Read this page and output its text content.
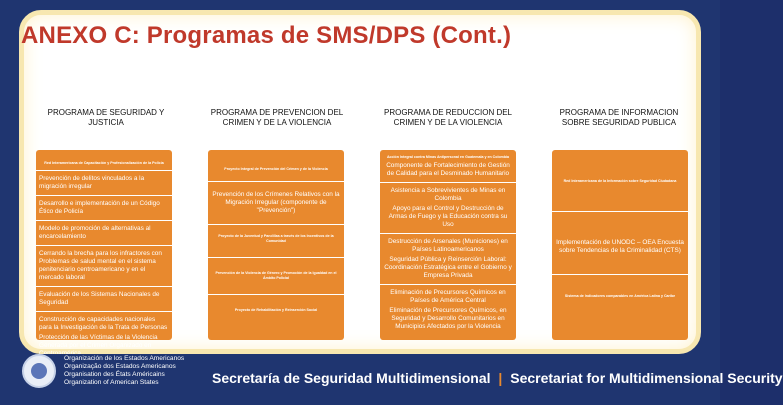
ANEXO C: Programas de SMS/DPS (Cont.)
PROGRAMA DE SEGURIDAD Y JUSTICIA
PROGRAMA DE PREVENCION DEL CRIMEN Y DE LA VIOLENCIA
PROGRAMA DE REDUCCION DEL CRIMEN Y DE LA VIOLENCIA
PROGRAMA DE INFORMACION SOBRE SEGURIDAD PUBLICA
Red Interamericana de Capacitación y Profesionalización de la Policía
Prevención de delitos vinculados a la migración irregular
Desarrollo e implementación de un Código Ético de Policía
Modelo de promoción de alternativas al encarcelamiento
Cerrando la brecha para los infractores con Problemas de salud mental en el sistema penitenciario centroamericano y en el mercado laboral
Evaluación de los Sistemas Nacionales de Seguridad
Construcción de capacidades nacionales para la Investigación de la Trata de Personas
Protección de las Víctimas de la Violencia Generada por el Crimen Organizado en
Proyecto Integral de Prevención del Crimen y de la Violencia
Prevención de los Crímenes Relativos con la Migración Irregular (componente de "Prevención")
Proyecto de la Juventud y Pandillas a través de los Incentivos de la Comunidad
Prevención de la Violencia de Género y Promoción de la Igualdad en el Ámbito Policial
Proyecto de Rehabilitación y Reinserción Social
Acción Integral contra Minas Antipersonal en Guatemala y en Colombia
Componente de Fortalecimiento de Gestión de Calidad para el Desminado Humanitario
Asistencia a Sobrevivientes de Minas en Colombia
Apoyo para el Control y Destrucción de Armas de Fuego y la Educación contra su Uso
Destrucción de Arsenales (Municiones) en Países Latinoamericanos
Seguridad Pública y Reinserción Laboral: Coordinación Estratégica entre el Gobierno y Empresa Privada
Eliminación de Precursores Químicos en Países de América Central
Eliminación de Precursores Químicos, en Seguridad y Desarrollo Comunitarios en Municipios Afectados por la Violencia
Red Interamericana de la Información sobre Seguridad Ciudadana
Implementación de UNODC – OEA Encuesta sobre Tendencias de la Criminalidad (CTS)
Sistema de Indicadores comparables en América Latina y Caribe
Organización de los Estados Americanos
Organização dos Estados Americanos
Organisation des États Américains
Organization of American States	Secretaría de Seguridad Multidimensional | Secretariat for Multidimensional Security
